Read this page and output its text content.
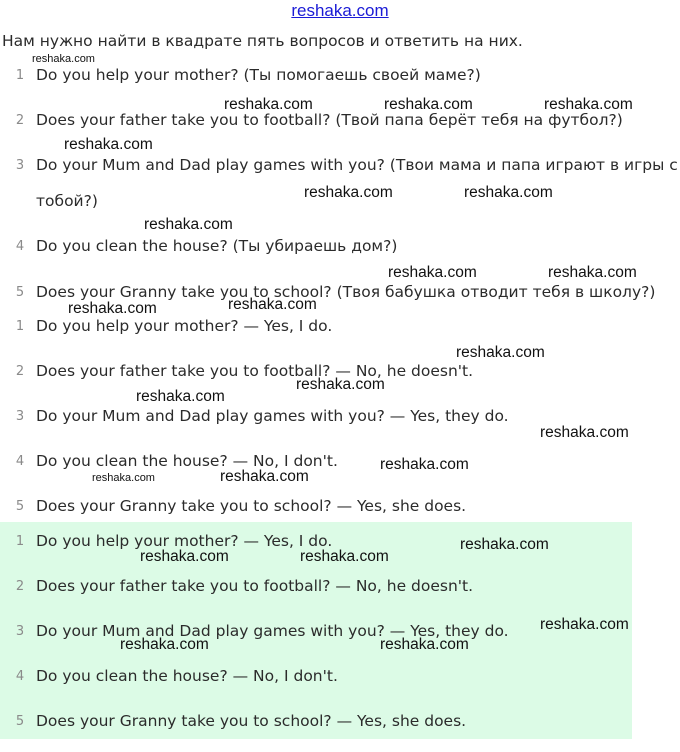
reshaka.com
Нам нужно найти в квадрате пять вопросов и ответить на них.
1 Do you help your mother? (Ты помогаешь своей маме?)
2 Does your father take you to football? (Твой папа берёт тебя на футбол?)
3 Do your Mum and Dad play games with you? (Твои мама и папа играют в игры с тобой?)
4 Do you clean the house? (Ты убираешь дом?)
5 Does your Granny take you to school? (Твоя бабушка отводит тебя в школу?)
1 Do you help your mother? — Yes, I do.
2 Does your father take you to football? — No, he doesn't.
3 Do your Mum and Dad play games with you? — Yes, they do.
4 Do you clean the house? — No, I don't.
5 Does your Granny take you to school? — Yes, she does.
1 Do you help your mother? — Yes, I do.
2 Does your father take you to football? — No, he doesn't.
3 Do your Mum and Dad play games with you? — Yes, they do.
4 Do you clean the house? — No, I don't.
5 Does your Granny take you to school? — Yes, she does.
reshaka.com
reshaka.com	reshaka.com	reshaka.com
reshaka.com
reshaka.com	reshaka.com
reshaka.com
reshaka.com	reshaka.com
reshaka.com
reshaka.com
reshaka.com
reshaka.com
reshaka.com
reshaka.com
reshaka.com
reshaka.com	reshaka.com
reshaka.com
reshaka.com	reshaka.com
reshaka.com
reshaka.com	reshaka.com
